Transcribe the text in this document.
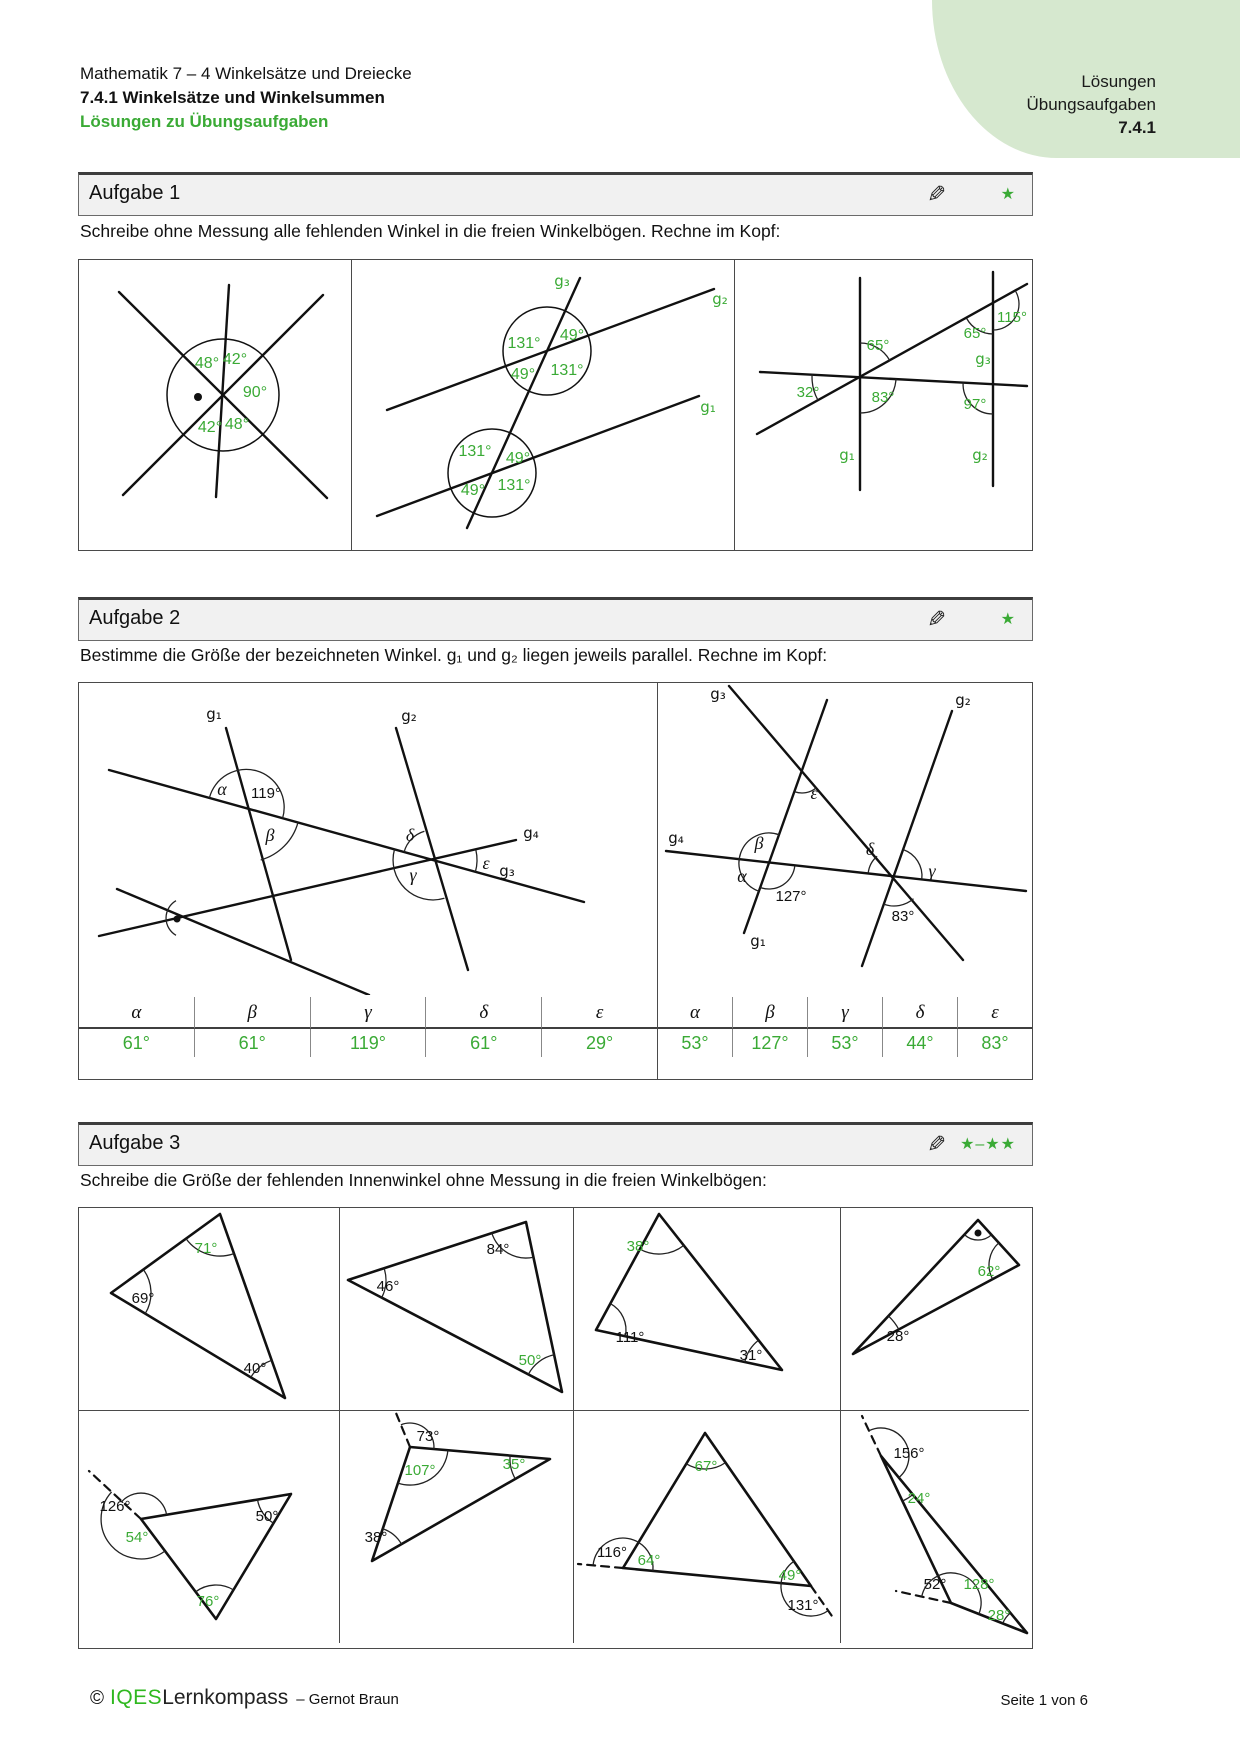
Lösungen
Übungsaufgaben
7.4.1
Mathematik 7 – 4 Winkelsätze und Dreiecke
7.4.1 Winkelsätze und Winkelsummen
Lösungen zu Übungsaufgaben
Aufgabe 1	✎	★
Schreibe ohne Messung alle fehlenden Winkel in die freien Winkelbögen. Rechne im Kopf:
48° 42°
90°
42° 48°
g₃
g₂
g₁
131° 49°
49° 131°
131° 49°
49° 131°
65°
32°	83°
65°
115°
97°
g₃
g₁	g₂
Aufgabe 2	✎	★
Bestimme die Größe der bezeichneten Winkel. g₁ und g₂ liegen jeweils parallel. Rechne im Kopf:
g₁	g₂
g₃
g₄
α 119°
β	δ
γ
ε
α	β	γ	δ	ε
61°	61°	119°	61°	29°
g₃	g₂
g₄
g₁
ε
β
α
127°
δ
γ
83°
α	β	γ	δ	ε
53°	127°	53°	44°	83°
Aufgabe 3	✎ ★–★★
Schreibe die Größe der fehlenden Innenwinkel ohne Messung in die freien Winkelbögen:
71°
69°
40°
46°
84°
50°
38°
111°
31°
62°
28°
126°
54°
50°
76°
73°
107°	35°
38°
67°
116° 64°
49°
131°
156°
24°
52° 128°
28°
© IQES Lernkompass – Gernot Braun	Seite 1 von 6
